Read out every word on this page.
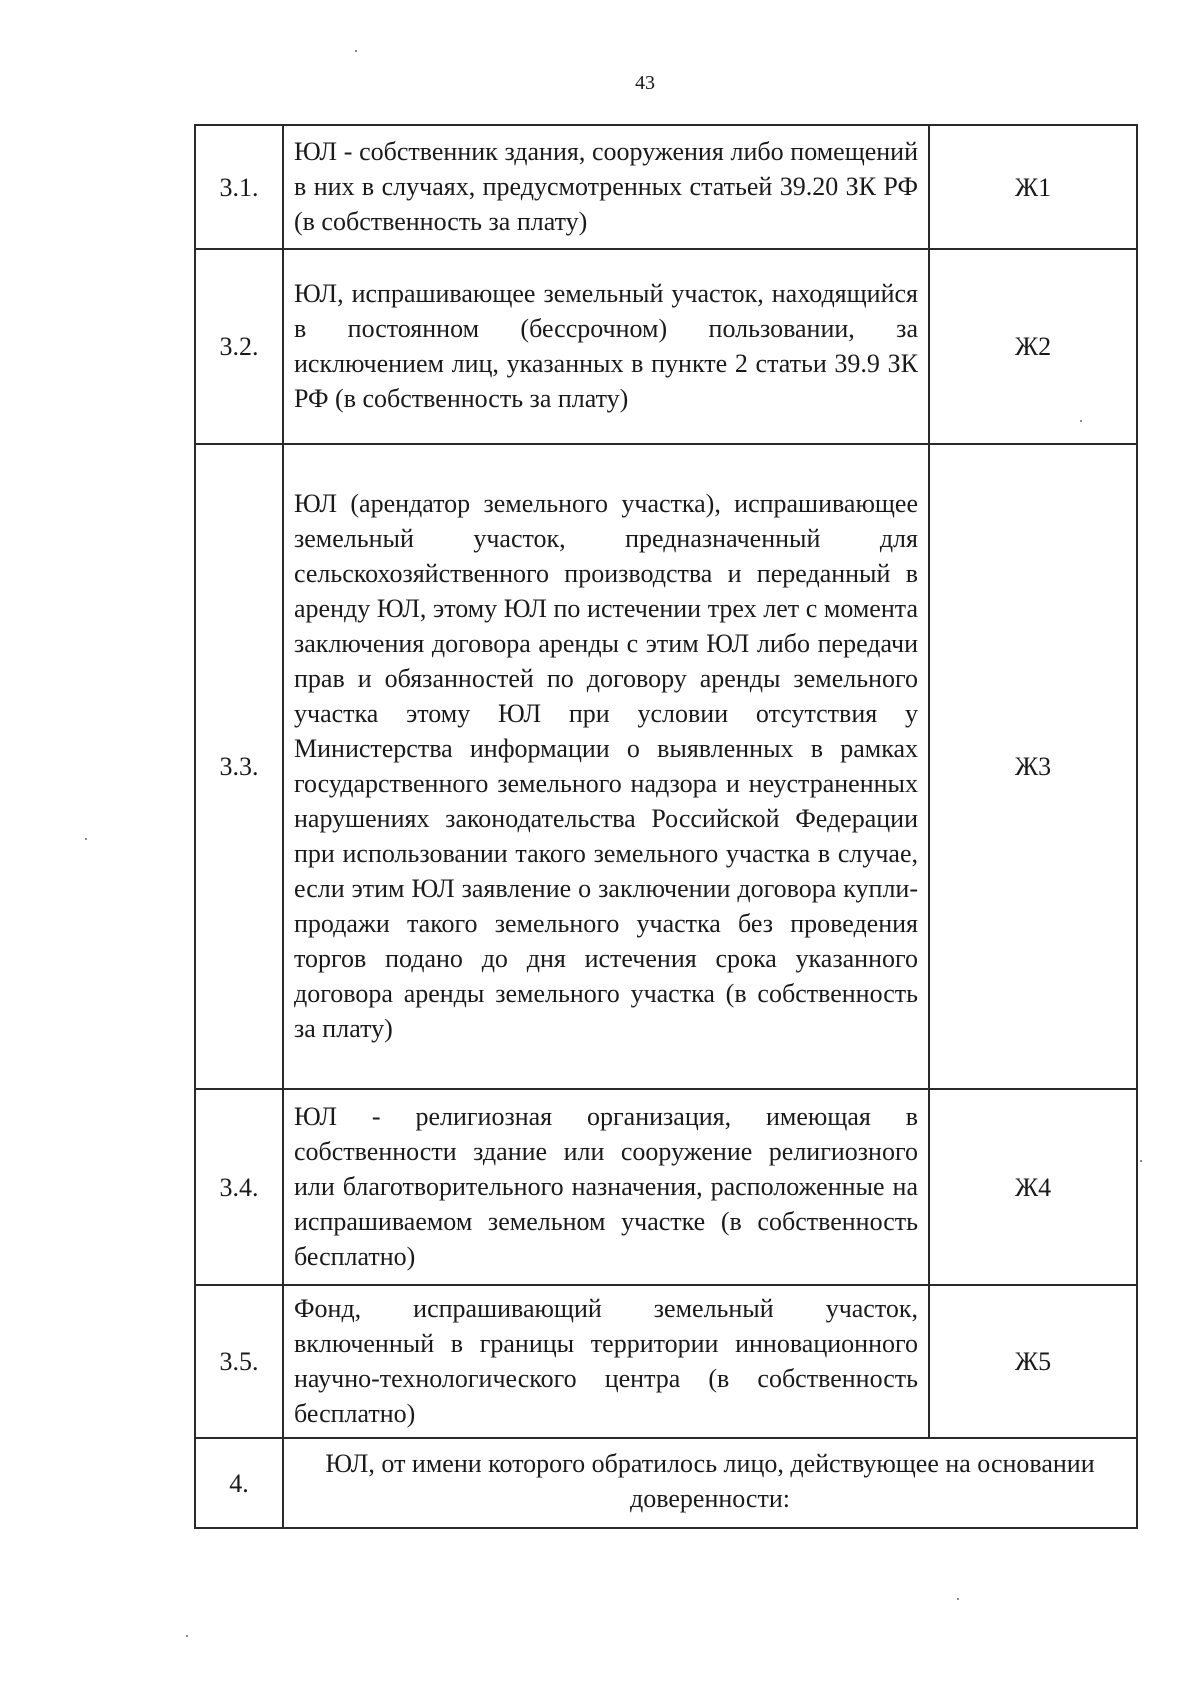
43
3.1.	ЮЛ - собственник здания, сооружения либо помещений в них в случаях, предусмотренных статьей 39.20 ЗК РФ (в собственность за плату)	Ж1
3.2.	ЮЛ, испрашивающее земельный участок, находящийся в постоянном (бессрочном) пользовании, за исключением лиц, указанных в пункте 2 статьи 39.9 ЗК РФ (в собственность за плату)	Ж2
3.3.	ЮЛ (арендатор земельного участка), испрашивающее земельный участок, предназначенный для сельскохозяйственного производства и переданный в аренду ЮЛ, этому ЮЛ по истечении трех лет с момента заключения договора аренды с этим ЮЛ либо передачи прав и обязанностей по договору аренды земельного участка этому ЮЛ при условии отсутствия у Министерства информации о выявленных в рамках государственного земельного надзора и неустраненных нарушениях законодательства Российской Федерации при использовании такого земельного участка в случае, если этим ЮЛ заявление о заключении договора купли-продажи такого земельного участка без проведения торгов подано до дня истечения срока указанного договора аренды земельного участка (в собственность за плату)	Ж3
3.4.	ЮЛ - религиозная организация, имеющая в собственности здание или сооружение религиозного или благотворительного назначения, расположенные на испрашиваемом земельном участке (в собственность бесплатно)	Ж4
3.5.	Фонд, испрашивающий земельный участок, включенный в границы территории инновационного научно-технологического центра (в собственность бесплатно)	Ж5
4.	ЮЛ, от имени которого обратилось лицо, действующее на основании доверенности:	
